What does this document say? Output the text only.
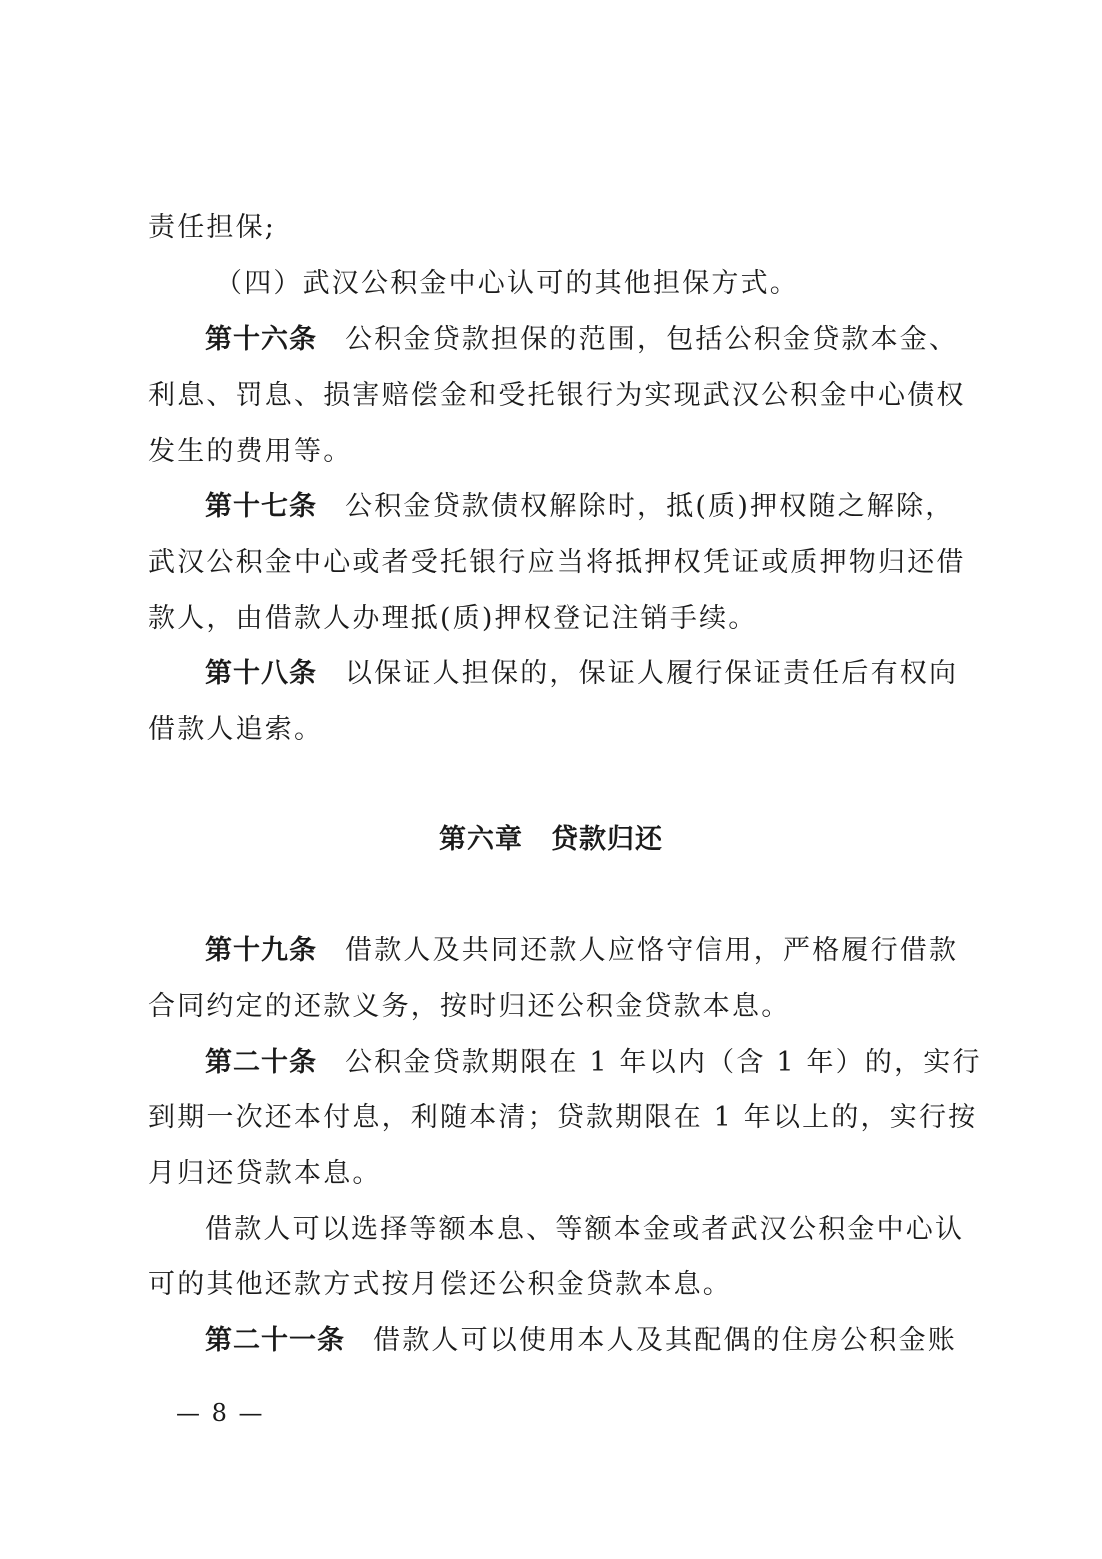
责任担保;
（四）武汉公积金中心认可的其他担保方式。
第十六条 公积金贷款担保的范围，包括公积金贷款本金、
利息、罚息、损害赔偿金和受托银行为实现武汉公积金中心债权
发生的费用等。
第十七条 公积金贷款债权解除时，抵(质)押权随之解除，
武汉公积金中心或者受托银行应当将抵押权凭证或质押物归还借
款人，由借款人办理抵(质)押权登记注销手续。
第十八条 以保证人担保的，保证人履行保证责任后有权向
借款人追索。
第六章　贷款归还
第十九条 借款人及共同还款人应恪守信用，严格履行借款
合同约定的还款义务，按时归还公积金贷款本息。
第二十条 公积金贷款期限在 1 年以内（含 1 年）的，实行
到期一次还本付息，利随本清；贷款期限在 1 年以上的，实行按
月归还贷款本息。
借款人可以选择等额本息、等额本金或者武汉公积金中心认
可的其他还款方式按月偿还公积金贷款本息。
第二十一条 借款人可以使用本人及其配偶的住房公积金账
— 8 —
